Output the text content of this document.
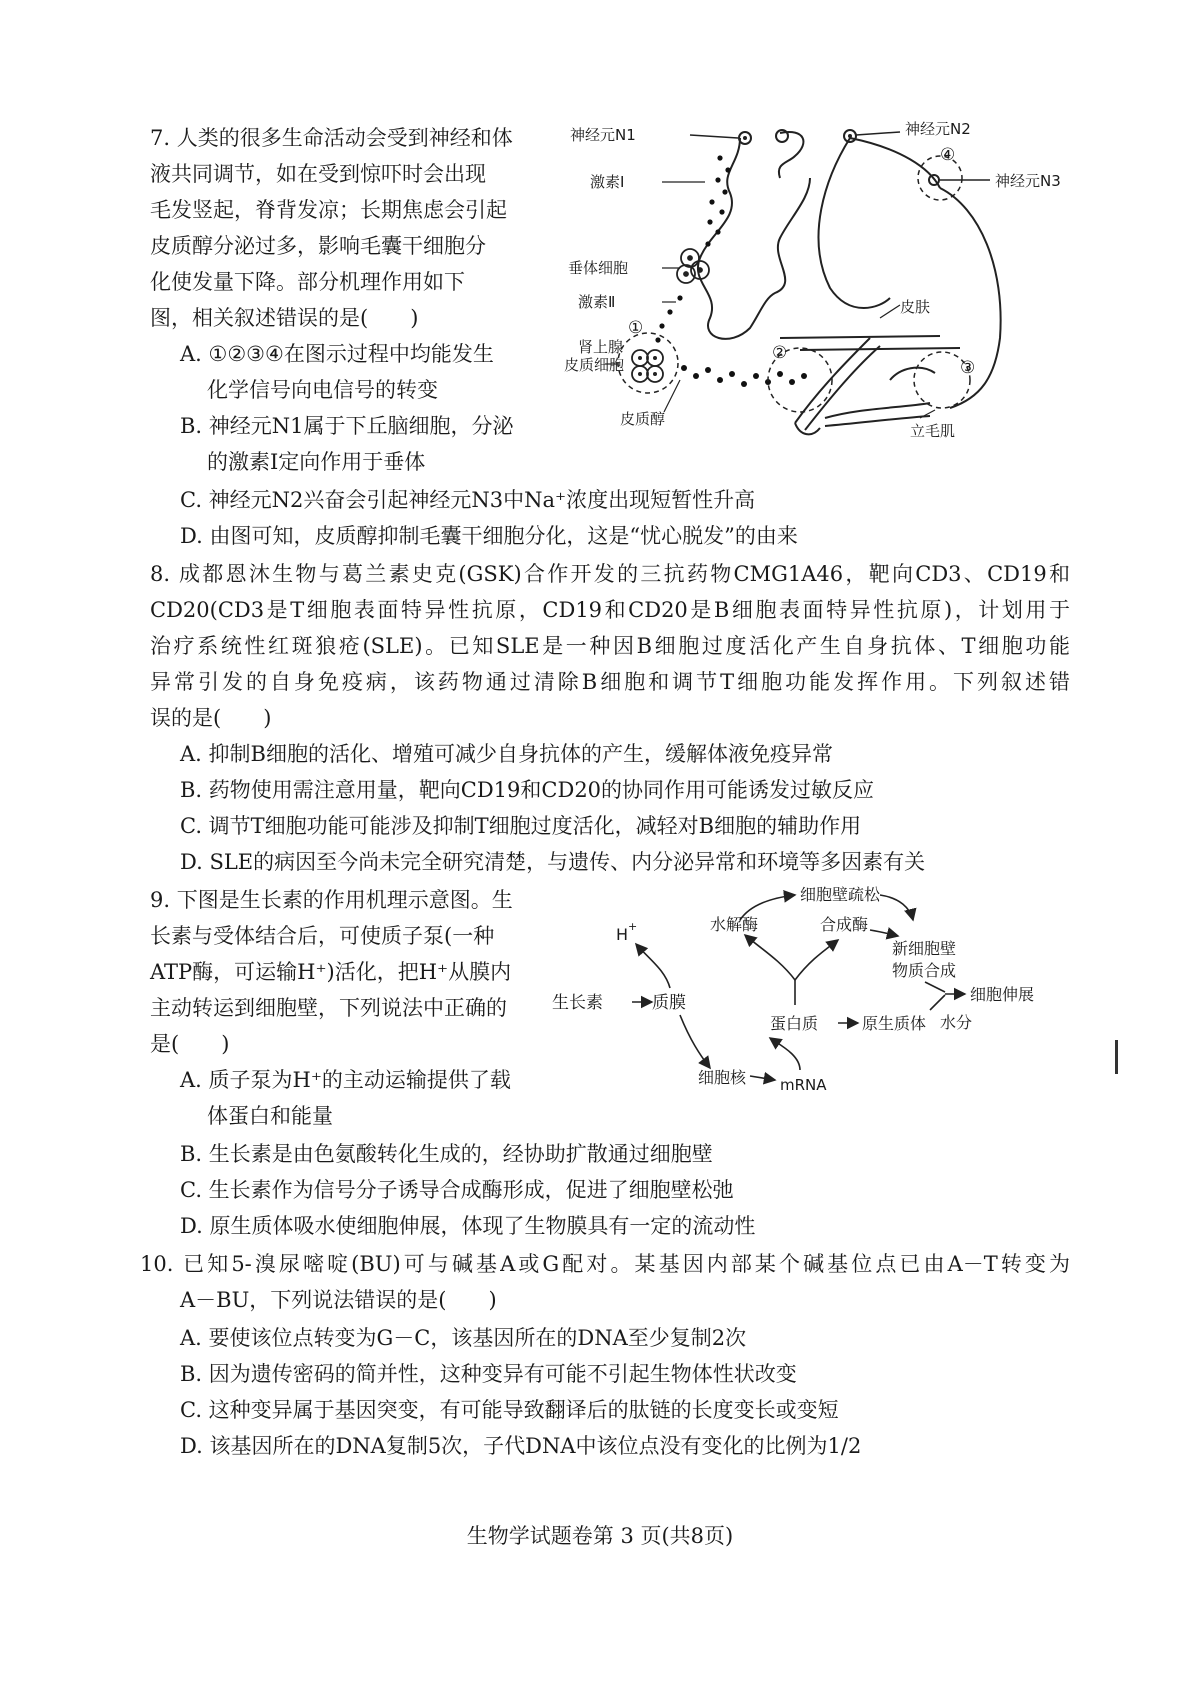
7. 人类的很多生命活动会受到神经和体
液共同调节，如在受到惊吓时会出现
毛发竖起，脊背发凉；长期焦虑会引起
皮质醇分泌过多，影响毛囊干细胞分
化使发量下降。部分机理作用如下
图，相关叙述错误的是(　　)
A. ①②③④在图示过程中均能发生
化学信号向电信号的转变
B. 神经元N1属于下丘脑细胞，分泌
的激素Ⅰ定向作用于垂体
C. 神经元N2兴奋会引起神经元N3中Na⁺浓度出现短暂性升高
D. 由图可知，皮质醇抑制毛囊干细胞分化，这是“忧心脱发”的由来
神经元N1	神经元N2
神经元N3
激素Ⅰ
垂体细胞
激素Ⅱ
肾上腺
皮质细胞
皮质醇
皮肤
立毛肌
①
②
③
④
8. 成都恩沐生物与葛兰素史克(GSK)合作开发的三抗药物CMG1A46，靶向CD3、CD19和
CD20(CD3是T细胞表面特异性抗原，CD19和CD20是B细胞表面特异性抗原)，计划用于
治疗系统性红斑狼疮(SLE)。已知SLE是一种因B细胞过度活化产生自身抗体、T细胞功能
异常引发的自身免疫病，该药物通过清除B细胞和调节T细胞功能发挥作用。下列叙述错
误的是(　　)
A. 抑制B细胞的活化、增殖可减少自身抗体的产生，缓解体液免疫异常
B. 药物使用需注意用量，靶向CD19和CD20的协同作用可能诱发过敏反应
C. 调节T细胞功能可能涉及抑制T细胞过度活化，减轻对B细胞的辅助作用
D. SLE的病因至今尚未完全研究清楚，与遗传、内分泌异常和环境等多因素有关
9. 下图是生长素的作用机理示意图。生
长素与受体结合后，可使质子泵(一种
ATP酶，可运输H⁺)活化，把H⁺从膜内
主动转运到细胞壁，下列说法中正确的
是(　　)
A. 质子泵为H⁺的主动运输提供了载
体蛋白和能量
B. 生长素是由色氨酸转化生成的，经协助扩散通过细胞壁
C. 生长素作为信号分子诱导合成酶形成，促进了细胞壁松弛
D. 原生质体吸水使细胞伸展，体现了生物膜具有一定的流动性
生长素	质膜
H +	水解酶
细胞壁疏松
合成酶
新细胞壁
物质合成
细胞伸展
水分
蛋白质	原生质体
细胞核 mRNA
10. 已知5-溴尿嘧啶(BU)可与碱基A或G配对。某基因内部某个碱基位点已由A－T转变为
A－BU，下列说法错误的是(　　)
A. 要使该位点转变为G－C，该基因所在的DNA至少复制2次
B. 因为遗传密码的简并性，这种变异有可能不引起生物体性状改变
C. 这种变异属于基因突变，有可能导致翻译后的肽链的长度变长或变短
D. 该基因所在的DNA复制5次，子代DNA中该位点没有变化的比例为1/2
生物学试题卷第 3 页(共8页)
